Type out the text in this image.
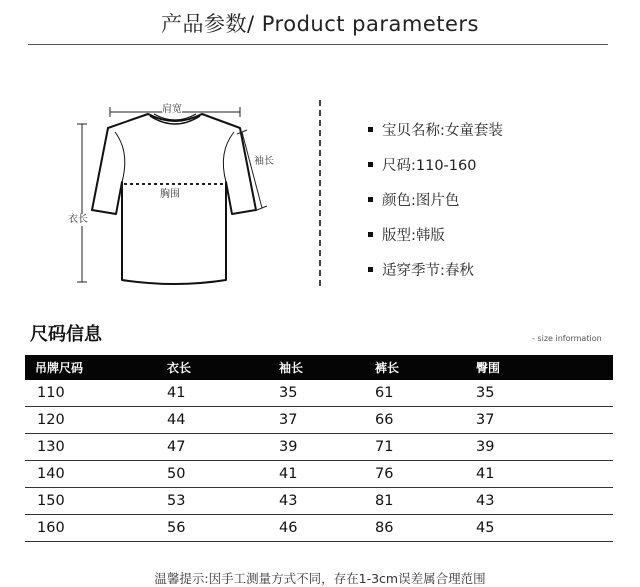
产品参数/ Product parameters
肩宽
袖长
胸围
衣长
宝贝名称:女童套装
尺码:110-160
颜色:图片色
版型:韩版
适穿季节:春秋
尺码信息	- size information
吊牌尺码	衣长	袖长	裤长	臀围
110	41	35	61	35
120	44	37	66	37
130	47	39	71	39
140	50	41	76	41
150	53	43	81	43
160	56	46	86	45
温馨提示:因手工测量方式不同，存在1-3cm误差属合理范围
